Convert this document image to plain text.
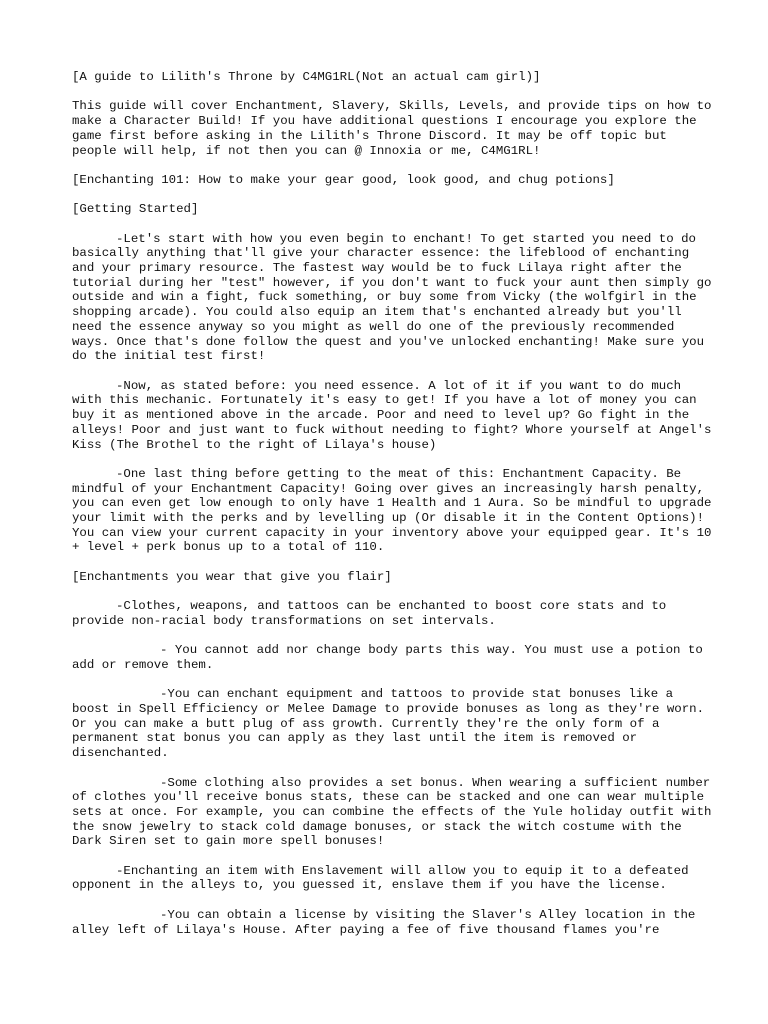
[A guide to Lilith's Throne by C4MG1RL(Not an actual cam girl)]

This guide will cover Enchantment, Slavery, Skills, Levels, and provide tips on how to make a Character Build! If you have additional questions I encourage you explore the game first before asking in the Lilith's Throne Discord. It may be off topic but people will help, if not then you can @ Innoxia or me, C4MG1RL!

[Enchanting 101: How to make your gear good, look good, and chug potions]

[Getting Started]

-Let's start with how you even begin to enchant! To get started you need to do basically anything that'll give your character essence: the lifeblood of enchanting and your primary resource. The fastest way would be to fuck Lilaya right after the tutorial during her "test" however, if you don't want to fuck your aunt then simply go outside and win a fight, fuck something, or buy some from Vicky (the wolfgirl in the shopping arcade). You could also equip an item that's enchanted already but you'll need the essence anyway so you might as well do one of the previously recommended ways. Once that's done follow the quest and you've unlocked enchanting! Make sure you do the initial test first!

-Now, as stated before: you need essence. A lot of it if you want to do much with this mechanic. Fortunately it's easy to get! If you have a lot of money you can buy it as mentioned above in the arcade. Poor and need to level up? Go fight in the alleys! Poor and just want to fuck without needing to fight? Whore yourself at Angel's Kiss (The Brothel to the right of Lilaya's house)

-One last thing before getting to the meat of this: Enchantment Capacity. Be mindful of your Enchantment Capacity! Going over gives an increasingly harsh penalty, you can even get low enough to only have 1 Health and 1 Aura. So be mindful to upgrade your limit with the perks and by levelling up (Or disable it in the Content Options)! You can view your current capacity in your inventory above your equipped gear. It's 10 + level + perk bonus up to a total of 110.

[Enchantments you wear that give you flair]

-Clothes, weapons, and tattoos can be enchanted to boost core stats and to provide non-racial body transformations on set intervals.

- You cannot add nor change body parts this way. You must use a potion to add or remove them.

-You can enchant equipment and tattoos to provide stat bonuses like a boost in Spell Efficiency or Melee Damage to provide bonuses as long as they're worn. Or you can make a butt plug of ass growth. Currently they're the only form of a permanent stat bonus you can apply as they last until the item is removed or disenchanted.

-Some clothing also provides a set bonus. When wearing a sufficient number of clothes you'll receive bonus stats, these can be stacked and one can wear multiple sets at once. For example, you can combine the effects of the Yule holiday outfit with the snow jewelry to stack cold damage bonuses, or stack the witch costume with the Dark Siren set to gain more spell bonuses!

-Enchanting an item with Enslavement will allow you to equip it to a defeated opponent in the alleys to, you guessed it, enslave them if you have the license.

-You can obtain a license by visiting the Slaver's Alley location in the alley left of Lilaya's House. After paying a fee of five thousand flames you're
